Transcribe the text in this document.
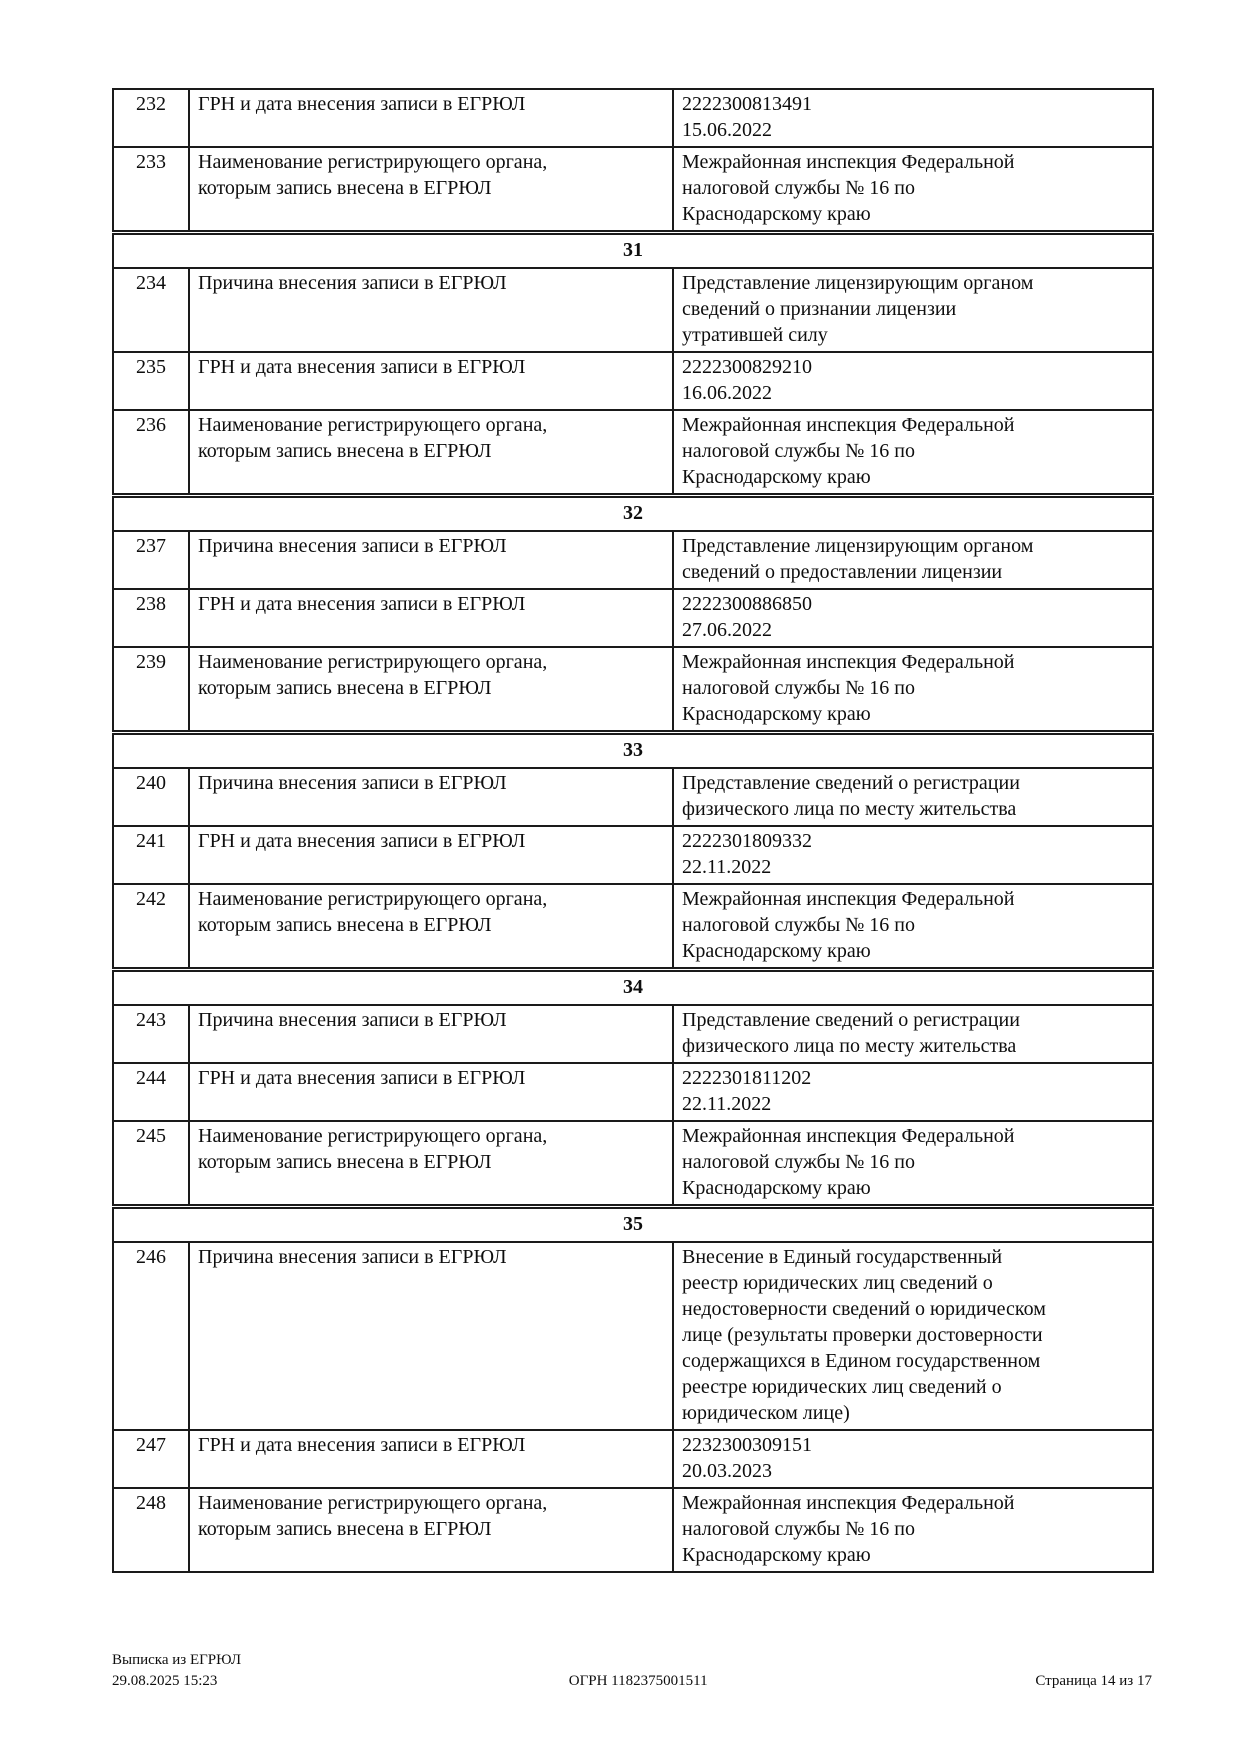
232	ГРН и дата внесения записи в ЕГРЮЛ	2222300813491
15.06.2022

233	Наименование регистрирующего органа,
которым запись внесена в ЕГРЮЛ	Межрайонная инспекция Федеральной
налоговой службы № 16 по
Краснодарскому краю

31		
234	Причина внесения записи в ЕГРЮЛ	Представление лицензирующим органом
сведений о признании лицензии
утратившей силу

235	ГРН и дата внесения записи в ЕГРЮЛ	2222300829210
16.06.2022

236	Наименование регистрирующего органа,
которым запись внесена в ЕГРЮЛ	Межрайонная инспекция Федеральной
налоговой службы № 16 по
Краснодарскому краю

32		
237	Причина внесения записи в ЕГРЮЛ	Представление лицензирующим органом
сведений о предоставлении лицензии

238	ГРН и дата внесения записи в ЕГРЮЛ	2222300886850
27.06.2022

239	Наименование регистрирующего органа,
которым запись внесена в ЕГРЮЛ	Межрайонная инспекция Федеральной
налоговой службы № 16 по
Краснодарскому краю

33		
240	Причина внесения записи в ЕГРЮЛ	Представление сведений о регистрации
физического лица по месту жительства

241	ГРН и дата внесения записи в ЕГРЮЛ	2222301809332
22.11.2022

242	Наименование регистрирующего органа,
которым запись внесена в ЕГРЮЛ	Межрайонная инспекция Федеральной
налоговой службы № 16 по
Краснодарскому краю

34		
243	Причина внесения записи в ЕГРЮЛ	Представление сведений о регистрации
физического лица по месту жительства

244	ГРН и дата внесения записи в ЕГРЮЛ	2222301811202
22.11.2022

245	Наименование регистрирующего органа,
которым запись внесена в ЕГРЮЛ	Межрайонная инспекция Федеральной
налоговой службы № 16 по
Краснодарскому краю

35		
246	Причина внесения записи в ЕГРЮЛ	Внесение в Единый государственный
реестр юридических лиц сведений о
недостоверности сведений о юридическом
лице (результаты проверки достоверности
содержащихся в Едином государственном
реестре юридических лиц сведений о
юридическом лице)

247	ГРН и дата внесения записи в ЕГРЮЛ	2232300309151
20.03.2023

248	Наименование регистрирующего органа,
которым запись внесена в ЕГРЮЛ	Межрайонная инспекция Федеральной
налоговой службы № 16 по
Краснодарскому краю
Выписка из ЕГРЮЛ
29.08.2025 15:23	ОГРН 1182375001511	Страница 14 из 17
